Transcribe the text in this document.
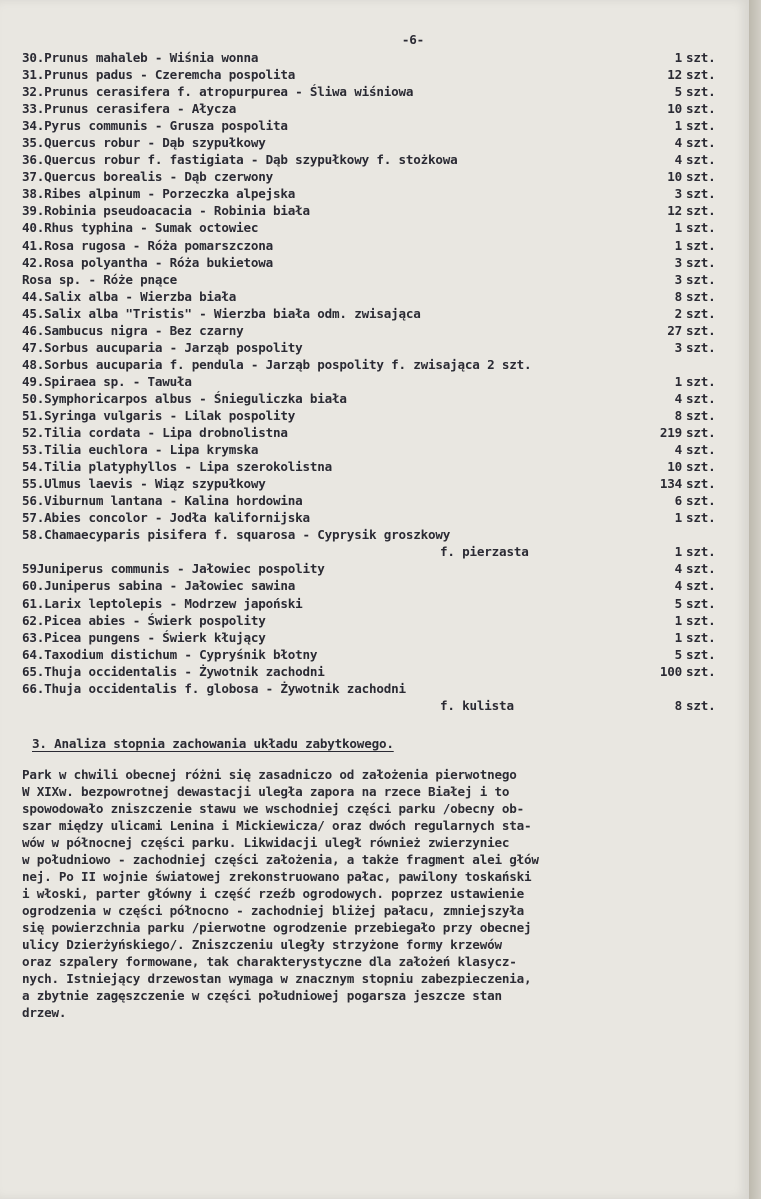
-6-
30.Prunus mahaleb - Wiśnia wonna	1 szt.
31.Prunus padus - Czeremcha pospolita	12 szt.
32.Prunus cerasifera f. atropurpurea - Śliwa wiśniowa	5 szt.
33.Prunus cerasifera - Ałycza	10 szt.
34.Pyrus communis - Grusza pospolita	1 szt.
35.Quercus robur - Dąb szypułkowy	4 szt.
36.Quercus robur f. fastigiata - Dąb szypułkowy f. stożkowa	4 szt.
37.Quercus borealis - Dąb czerwony	10 szt.
38.Ribes alpinum - Porzeczka alpejska	3 szt.
39.Robinia pseudoacacia - Robinia biała	12 szt.
40.Rhus typhina - Sumak octowiec	1 szt.
41.Rosa rugosa - Róża pomarszczona	1 szt.
42.Rosa polyantha - Róża bukietowa	3 szt.
Rosa sp. - Róże pnące	3 szt.
44.Salix alba - Wierzba biała	8 szt.
45.Salix alba "Tristis" - Wierzba biała odm. zwisająca	2 szt.
46.Sambucus nigra - Bez czarny	27 szt.
47.Sorbus aucuparia - Jarząb pospolity	3 szt.
48.Sorbus aucuparia f. pendula - Jarząb pospolity f. zwisająca 2 szt.
49.Spiraea sp. - Tawuła	1 szt.
50.Symphoricarpos albus - Śnieguliczka biała	4 szt.
51.Syringa vulgaris - Lilak pospolity	8 szt.
52.Tilia cordata - Lipa drobnolistna	219 szt.
53.Tilia euchlora - Lipa krymska	4 szt.
54.Tilia platyphyllos - Lipa szerokolistna	10 szt.
55.Ulmus laevis - Wiąz szypułkowy	134 szt.
56.Viburnum lantana - Kalina hordowina	6 szt.
57.Abies concolor - Jodła kalifornijska	1 szt.
58.Chamaecyparis pisifera f. squarosa - Cyprysik groszkowy
f. pierzasta	1 szt.
59Juniperus communis - Jałowiec pospolity	4 szt.
60.Juniperus sabina - Jałowiec sawina	4 szt.
61.Larix leptolepis - Modrzew japoński	5 szt.
62.Picea abies - Świerk pospolity	1 szt.
63.Picea pungens - Świerk kłujący	1 szt.
64.Taxodium distichum - Cypryśnik błotny	5 szt.
65.Thuja occidentalis - Żywotnik zachodni	100 szt.
66.Thuja occidentalis f. globosa - Żywotnik zachodni
f. kulista	8 szt.
3. Analiza stopnia zachowania układu zabytkowego.
Park w chwili obecnej różni się zasadniczo od założenia pierwotnego
W XIXw. bezpowrotnej dewastacji uległa zapora na rzece Białej i to
spowodowało zniszczenie stawu we wschodniej części parku /obecny ob-
szar między ulicami Lenina i Mickiewicza/ oraz dwóch regularnych sta-
wów w północnej części parku. Likwidacji uległ również zwierzyniec
w południowo - zachodniej części założenia, a także fragment alei głów
nej. Po II wojnie światowej zrekonstruowano pałac, pawilony toskański
i włoski, parter główny i część rzeźb ogrodowych. poprzez ustawienie
ogrodzenia w części północno - zachodniej bliżej pałacu, zmniejszyła
się powierzchnia parku /pierwotne ogrodzenie przebiegało przy obecnej
ulicy Dzierżyńskiego/. Zniszczeniu uległy strzyżone formy krzewów
oraz szpalery formowane, tak charakterystyczne dla założeń klasycz-
nych. Istniejący drzewostan wymaga w znacznym stopniu zabezpieczenia,
a zbytnie zagęszczenie w części południowej pogarsza jeszcze stan
drzew.
